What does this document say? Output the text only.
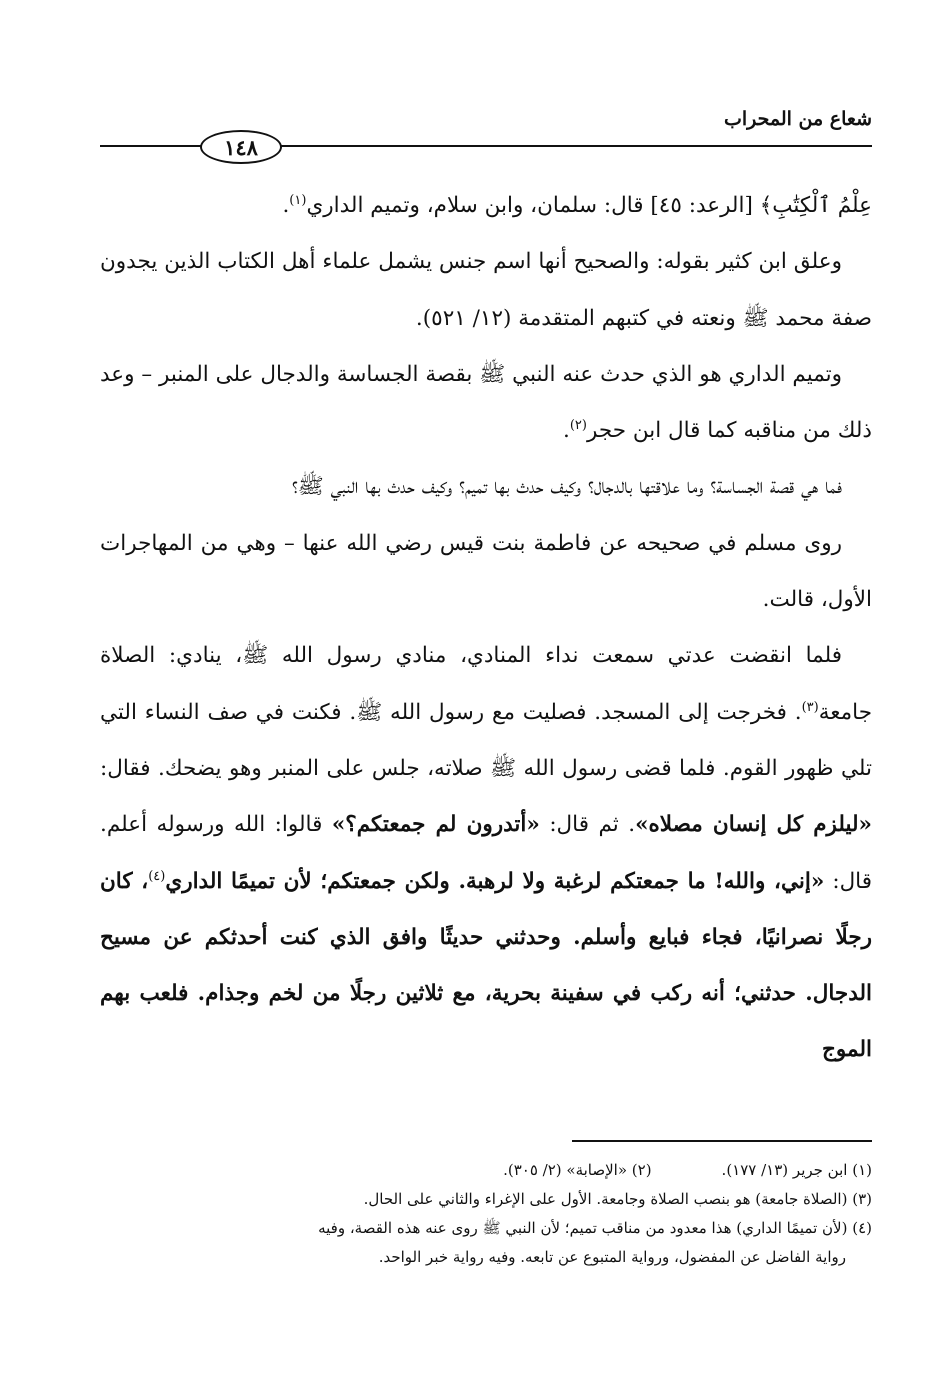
شعاع من المحراب
١٤٨

عِلْمُ ٱلْكِتَٰبِ﴾ [الرعد: ٤٥] قال: سلمان، وابن سلام، وتميم الداري$^{(١)}$.

وعلق ابن كثير بقوله: والصحيح أنها اسم جنس يشمل علماء أهل الكتاب الذين يجدون صفة محمد ﷺ ونعته في كتبهم المتقدمة (١٢/ ٥٢١).

وتميم الداري هو الذي حدث عنه النبي ﷺ بقصة الجساسة والدجال على المنبر – وعد ذلك من مناقبه كما قال ابن حجر$^{(٢)}$.

فما هي قصة الجساسة؟ وما علاقتها بالدجال؟ وكيف حدث بها تميم؟ وكيف حدث بها النبي ﷺ؟

روى مسلم في صحيحه عن فاطمة بنت قيس رضي الله عنها – وهي من المهاجرات الأول، قالت.

فلما انقضت عدتي سمعت نداء المنادي، منادي رسول الله ﷺ، ينادي: الصلاة جامعة$^{(٣)}$. فخرجت إلى المسجد. فصليت مع رسول الله ﷺ. فكنت في صف النساء التي تلي ظهور القوم. فلما قضى رسول الله ﷺ صلاته، جلس على المنبر وهو يضحك. فقال: «ليلزم كل إنسان مصلاه». ثم قال: «أتدرون لم جمعتكم؟» قالوا: الله ورسوله أعلم. قال: «إني، والله! ما جمعتكم لرغبة ولا لرهبة. ولكن جمعتكم؛ لأن تميمًا الداري$^{(٤)}$، كان رجلًا نصرانيًا، فجاء فبايع وأسلم. وحدثني حديثًا وافق الذي كنت أحدثكم عن مسيح الدجال. حدثني؛ أنه ركب في سفينة بحرية، مع ثلاثين رجلًا من لخم وجذام. فلعب بهم الموج

(١) ابن جرير (١٣/ ١٧٧).
(٢) «الإصابة» (٢/ ٣٠٥).

(٣) (الصلاة جامعة) هو بنصب الصلاة وجامعة. الأول على الإغراء والثاني على الحال.

(٤) (لأن تميمًا الداري) هذا معدود من مناقب تميم؛ لأن النبي ﷺ روى عنه هذه القصة، وفيه

رواية الفاضل عن المفضول، ورواية المتبوع عن تابعه. وفيه رواية خبر الواحد.
